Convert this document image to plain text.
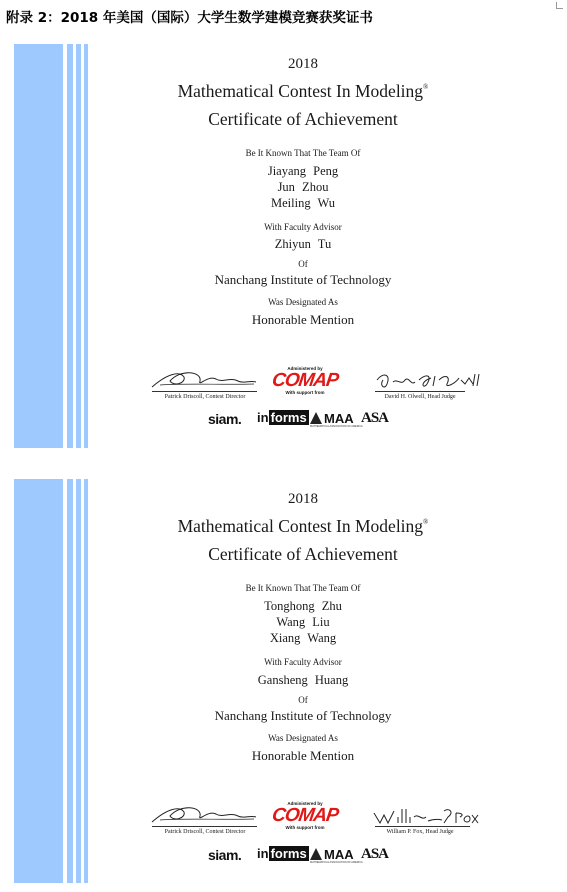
附录 2：2018 年美国（国际）大学生数学建模竞赛获奖证书
2018
Mathematical Contest In Modeling®
Certificate of Achievement
Be It Known That The Team Of
Jiayang Peng
Jun Zhou
Meiling Wu
With Faculty Advisor
Zhiyun Tu
Of
Nanchang Institute of Technology
Was Designated As
Honorable Mention
Patrick Driscoll, Contest Director
Administered by
COMAP
With support from
David H. Olwell, Head Judge
siam. in forms	MAA
MATHEMATICAL ASSOCIATION OF AMERICA
ASA
2018
Mathematical Contest In Modeling®
Certificate of Achievement
Be It Known That The Team Of
Tonghong Zhu
Wang Liu
Xiang Wang
With Faculty Advisor
Gansheng Huang
Of
Nanchang Institute of Technology
Was Designated As
Honorable Mention
Patrick Driscoll, Contest Director
Administered by
COMAP
With support from
William P. Fox, Head Judge
siam. in forms	MAA
MATHEMATICAL ASSOCIATION OF AMERICA
ASA
